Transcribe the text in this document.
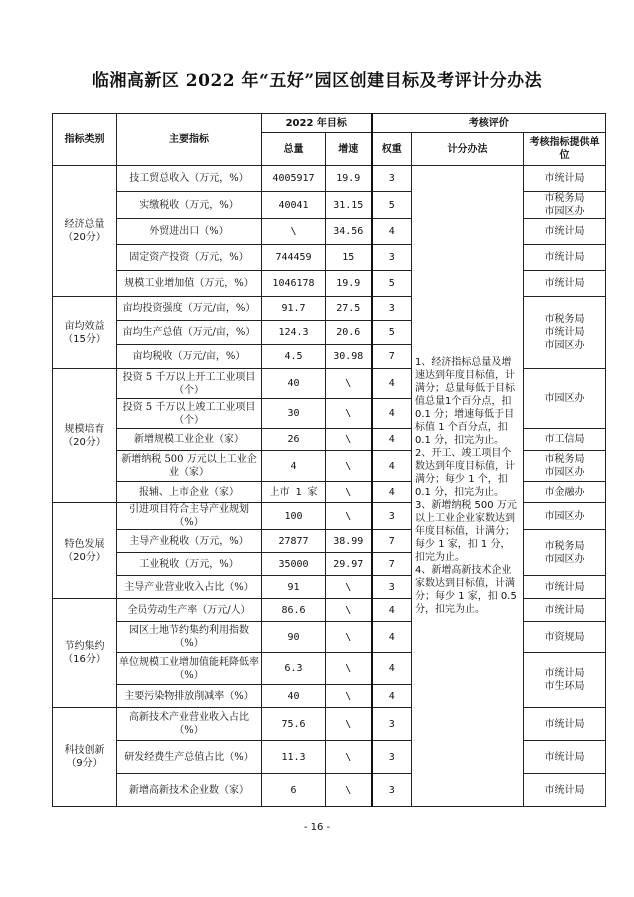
临湘高新区 2022 年“五好”园区创建目标及考评计分办法
指标类别	主要指标	2022 年目标		考核评价		
		总量	增速	权重	计分办法	考核指标提供单位
经济总量
（20分）	技工贸总收入（万元，%）	4005917	19.9	3	1、经济指标总量及增速达到年度目标值，计满分；总量每低于目标值总量1个百分点，扣 0.1 分；增速每低于目标值 1 个百分点，扣0.1 分，扣完为止。
2、开工、竣工项目个数达到年度目标值，计满分；每少 1 个，扣 0.1 分，扣完为止。
3、新增纳税 500 万元以上工业企业家数达到年度目标值，计满分；每少 1 家，扣 1 分，扣完为止。
4、新增高新技术企业家数达到目标值，计满分；每少 1 家，扣 0.5 分，扣完为止。	市统计局
	实缴税收（万元，%）	40041	31.15	5		市税务局
市园区办
	外贸进出口（%）	\	34.56	4		市统计局
	固定资产投资（万元，%）	744459	15	3		市统计局
	规模工业增加值（万元，%）	1046178	19.9	5		市统计局
亩均效益
（15分）	亩均投资强度（万元/亩，%）	91.7	27.5	3		市税务局
市统计局
市园区办
	亩均生产总值（万元/亩，%）	124.3	20.6	5		
	亩均税收（万元/亩，%）	4.5	30.98	7		
规模培育
（20分）	投资 5 千万以上开工工业项目（个）	40	\	4		市园区办
	投资 5 千万以上竣工工业项目（个）	30	\	4		
	新增规模工业企业（家）	26	\	4		市工信局
	新增纳税 500 万元以上工业企业（家）	4	\	4		市税务局
市园区办
	报辅、上市企业（家）	上市 1 家	\	4		市金融办
特色发展
（20分）	引进项目符合主导产业规划（%）	100	\	3		市园区办
	主导产业税收（万元，%）	27877	38.99	7		市税务局
市园区办
	工业税收（万元，%）	35000	29.97	7		
	主导产业营业收入占比（%）	91	\	3		市统计局
节约集约
（16分）	全员劳动生产率（万元/人）	86.6	\	4		市统计局
	园区土地节约集约利用指数（%）	90	\	4		市资规局
	单位规模工业增加值能耗降低率（%）	6.3	\	4		市统计局
市生环局
	主要污染物排放削减率（%）	40	\	4		
科技创新
（9分）	高新技术产业营业收入占比（%）	75.6	\	3		市统计局
	研发经费生产总值占比（%）	11.3	\	3		市统计局
	新增高新技术企业数（家）	6	\	3		市统计局
- 16 -
